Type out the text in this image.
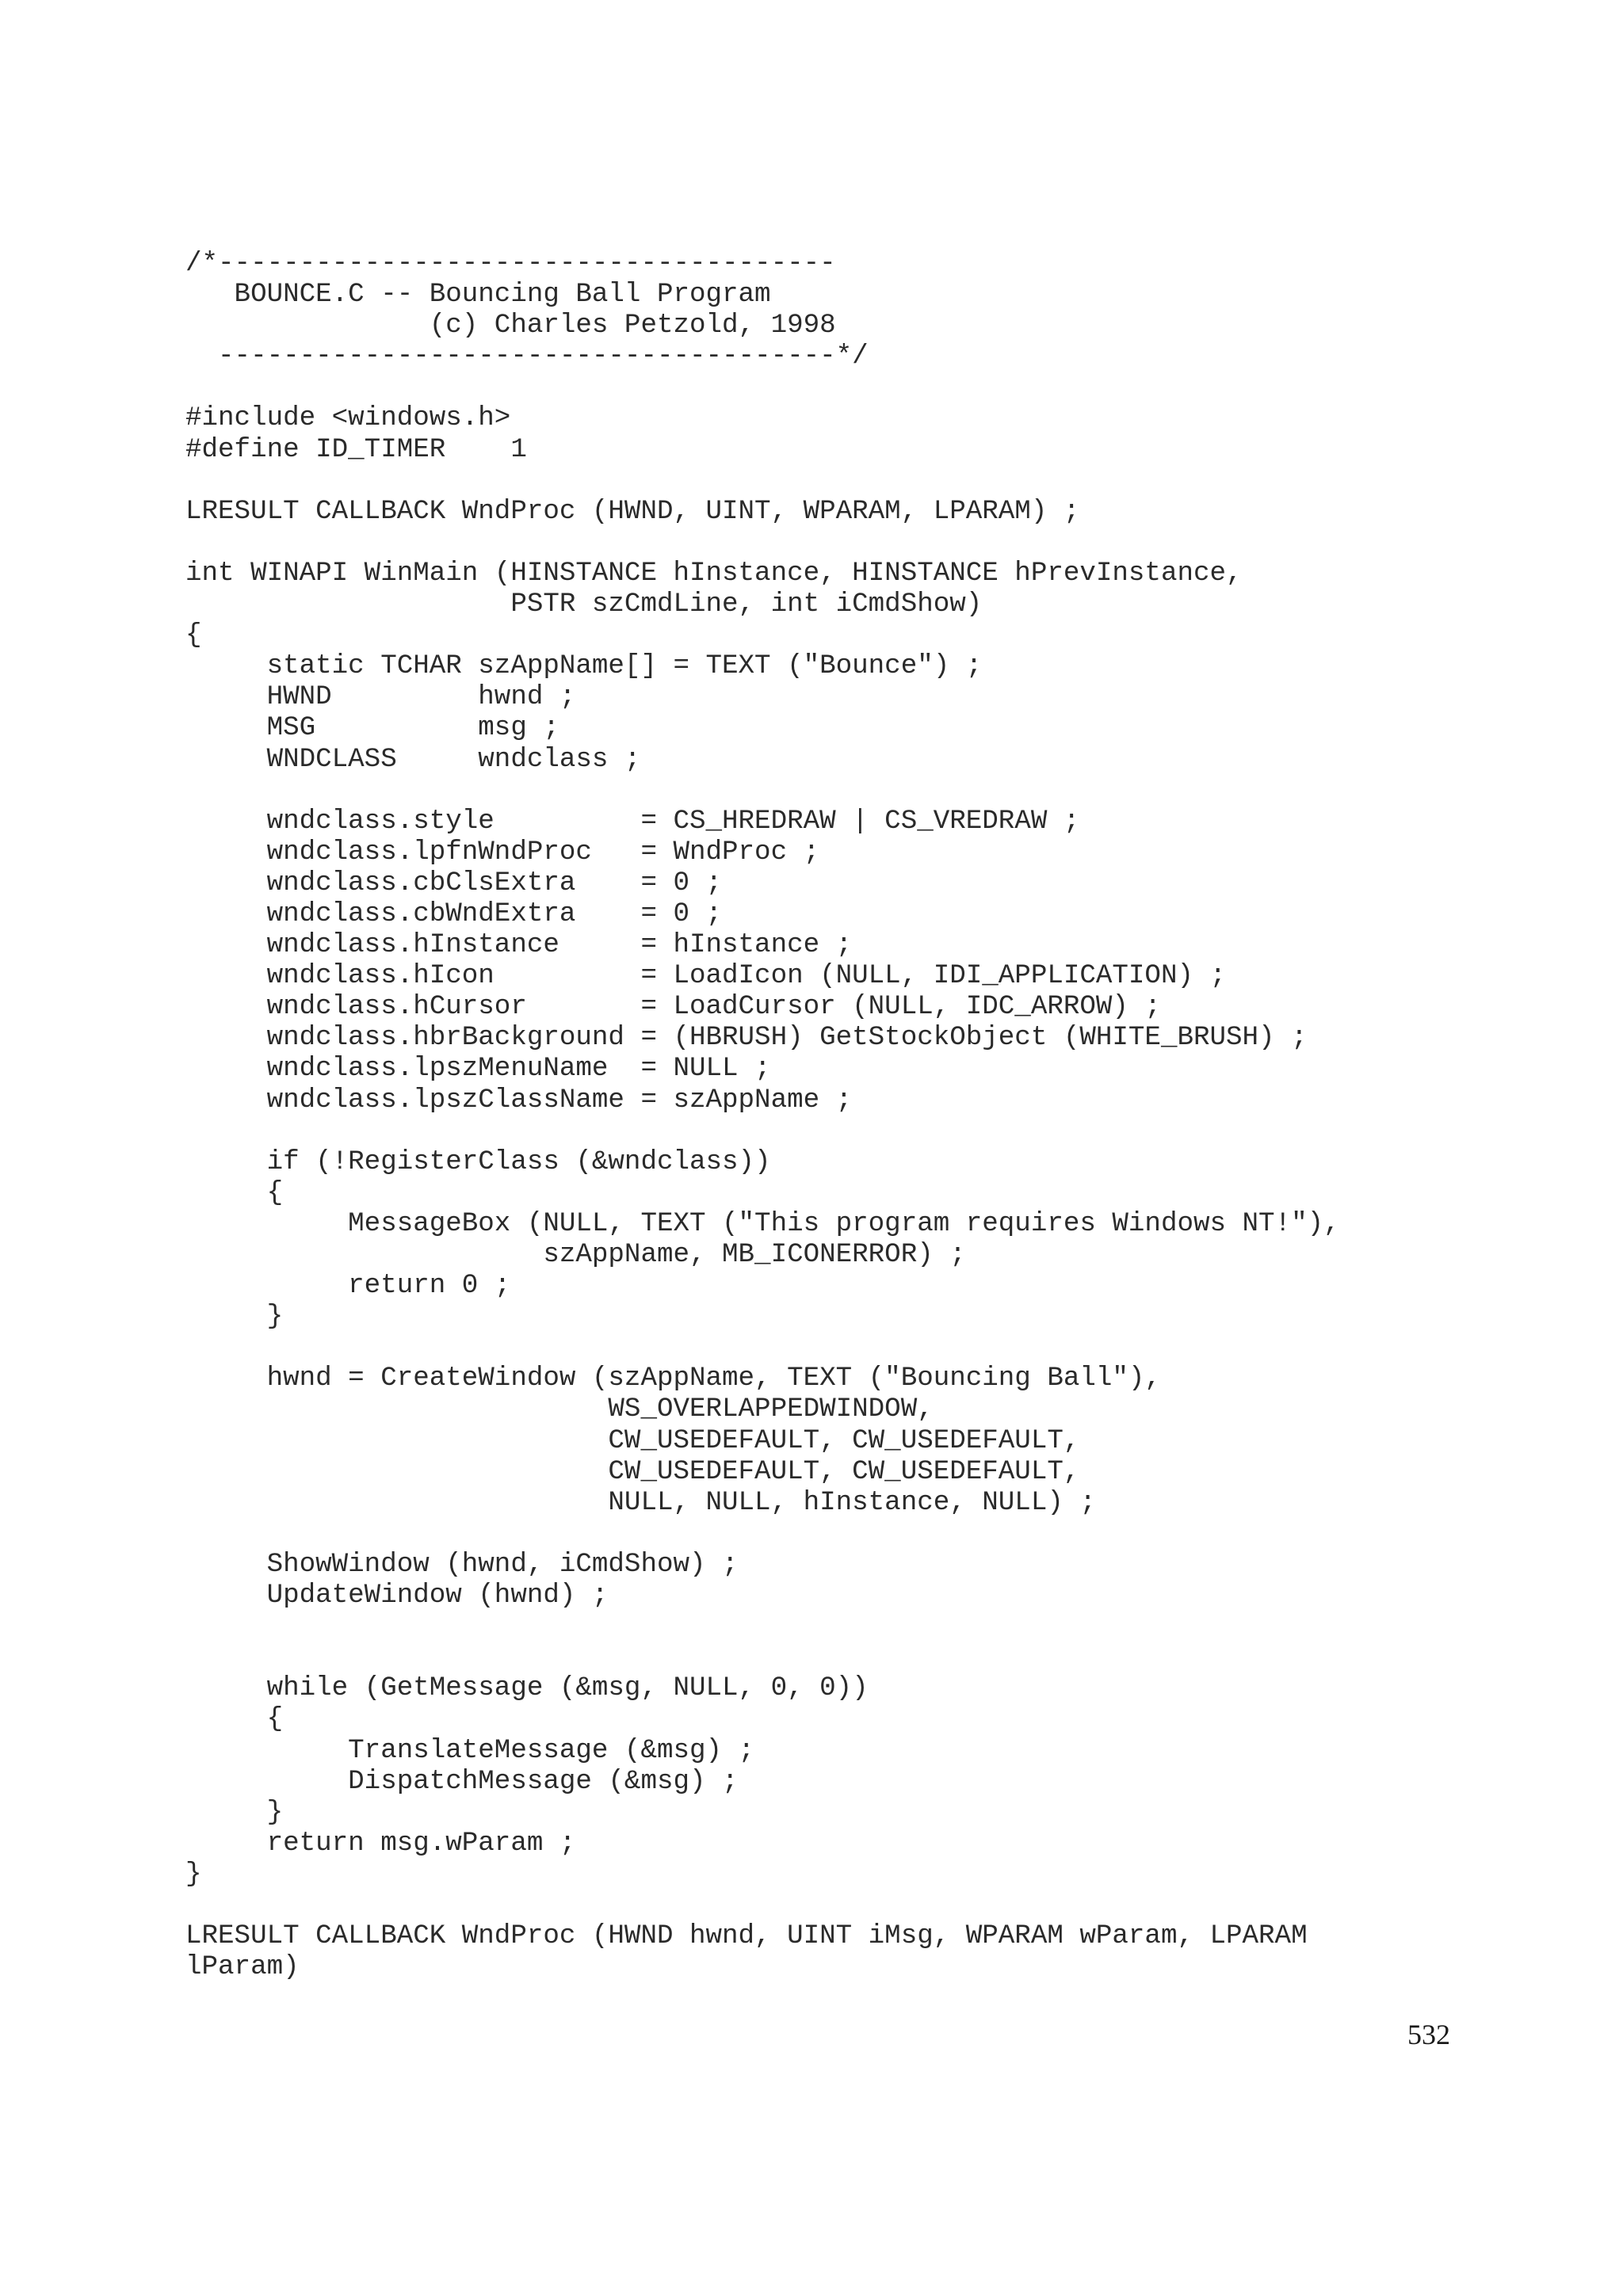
/*--------------------------------------
BOUNCE.C -- Bouncing Ball Program
(c) Charles Petzold, 1998
--------------------------------------*/
#include <windows.h>
#define ID_TIMER    1
LRESULT CALLBACK WndProc (HWND, UINT, WPARAM, LPARAM) ;
int WINAPI WinMain (HINSTANCE hInstance, HINSTANCE hPrevInstance,
PSTR szCmdLine, int iCmdShow)
{
static TCHAR szAppName[] = TEXT ("Bounce") ;
HWND         hwnd ;
MSG          msg ;
WNDCLASS     wndclass ;
wndclass.style         = CS_HREDRAW | CS_VREDRAW ;
wndclass.lpfnWndProc   = WndProc ;
wndclass.cbClsExtra    = 0 ;
wndclass.cbWndExtra    = 0 ;
wndclass.hInstance     = hInstance ;
wndclass.hIcon         = LoadIcon (NULL, IDI_APPLICATION) ;
wndclass.hCursor       = LoadCursor (NULL, IDC_ARROW) ;
wndclass.hbrBackground = (HBRUSH) GetStockObject (WHITE_BRUSH) ;
wndclass.lpszMenuName  = NULL ;
wndclass.lpszClassName = szAppName ;
if (!RegisterClass (&wndclass))
{
MessageBox (NULL, TEXT ("This program requires Windows NT!"),
szAppName, MB_ICONERROR) ;
return 0 ;
}
hwnd = CreateWindow (szAppName, TEXT ("Bouncing Ball"),
WS_OVERLAPPEDWINDOW,
CW_USEDEFAULT, CW_USEDEFAULT,
CW_USEDEFAULT, CW_USEDEFAULT,
NULL, NULL, hInstance, NULL) ;
ShowWindow (hwnd, iCmdShow) ;
UpdateWindow (hwnd) ;
while (GetMessage (&msg, NULL, 0, 0))
{
TranslateMessage (&msg) ;
DispatchMessage (&msg) ;
}
return msg.wParam ;
}
LRESULT CALLBACK WndProc (HWND hwnd, UINT iMsg, WPARAM wParam, LPARAM
lParam)
532
